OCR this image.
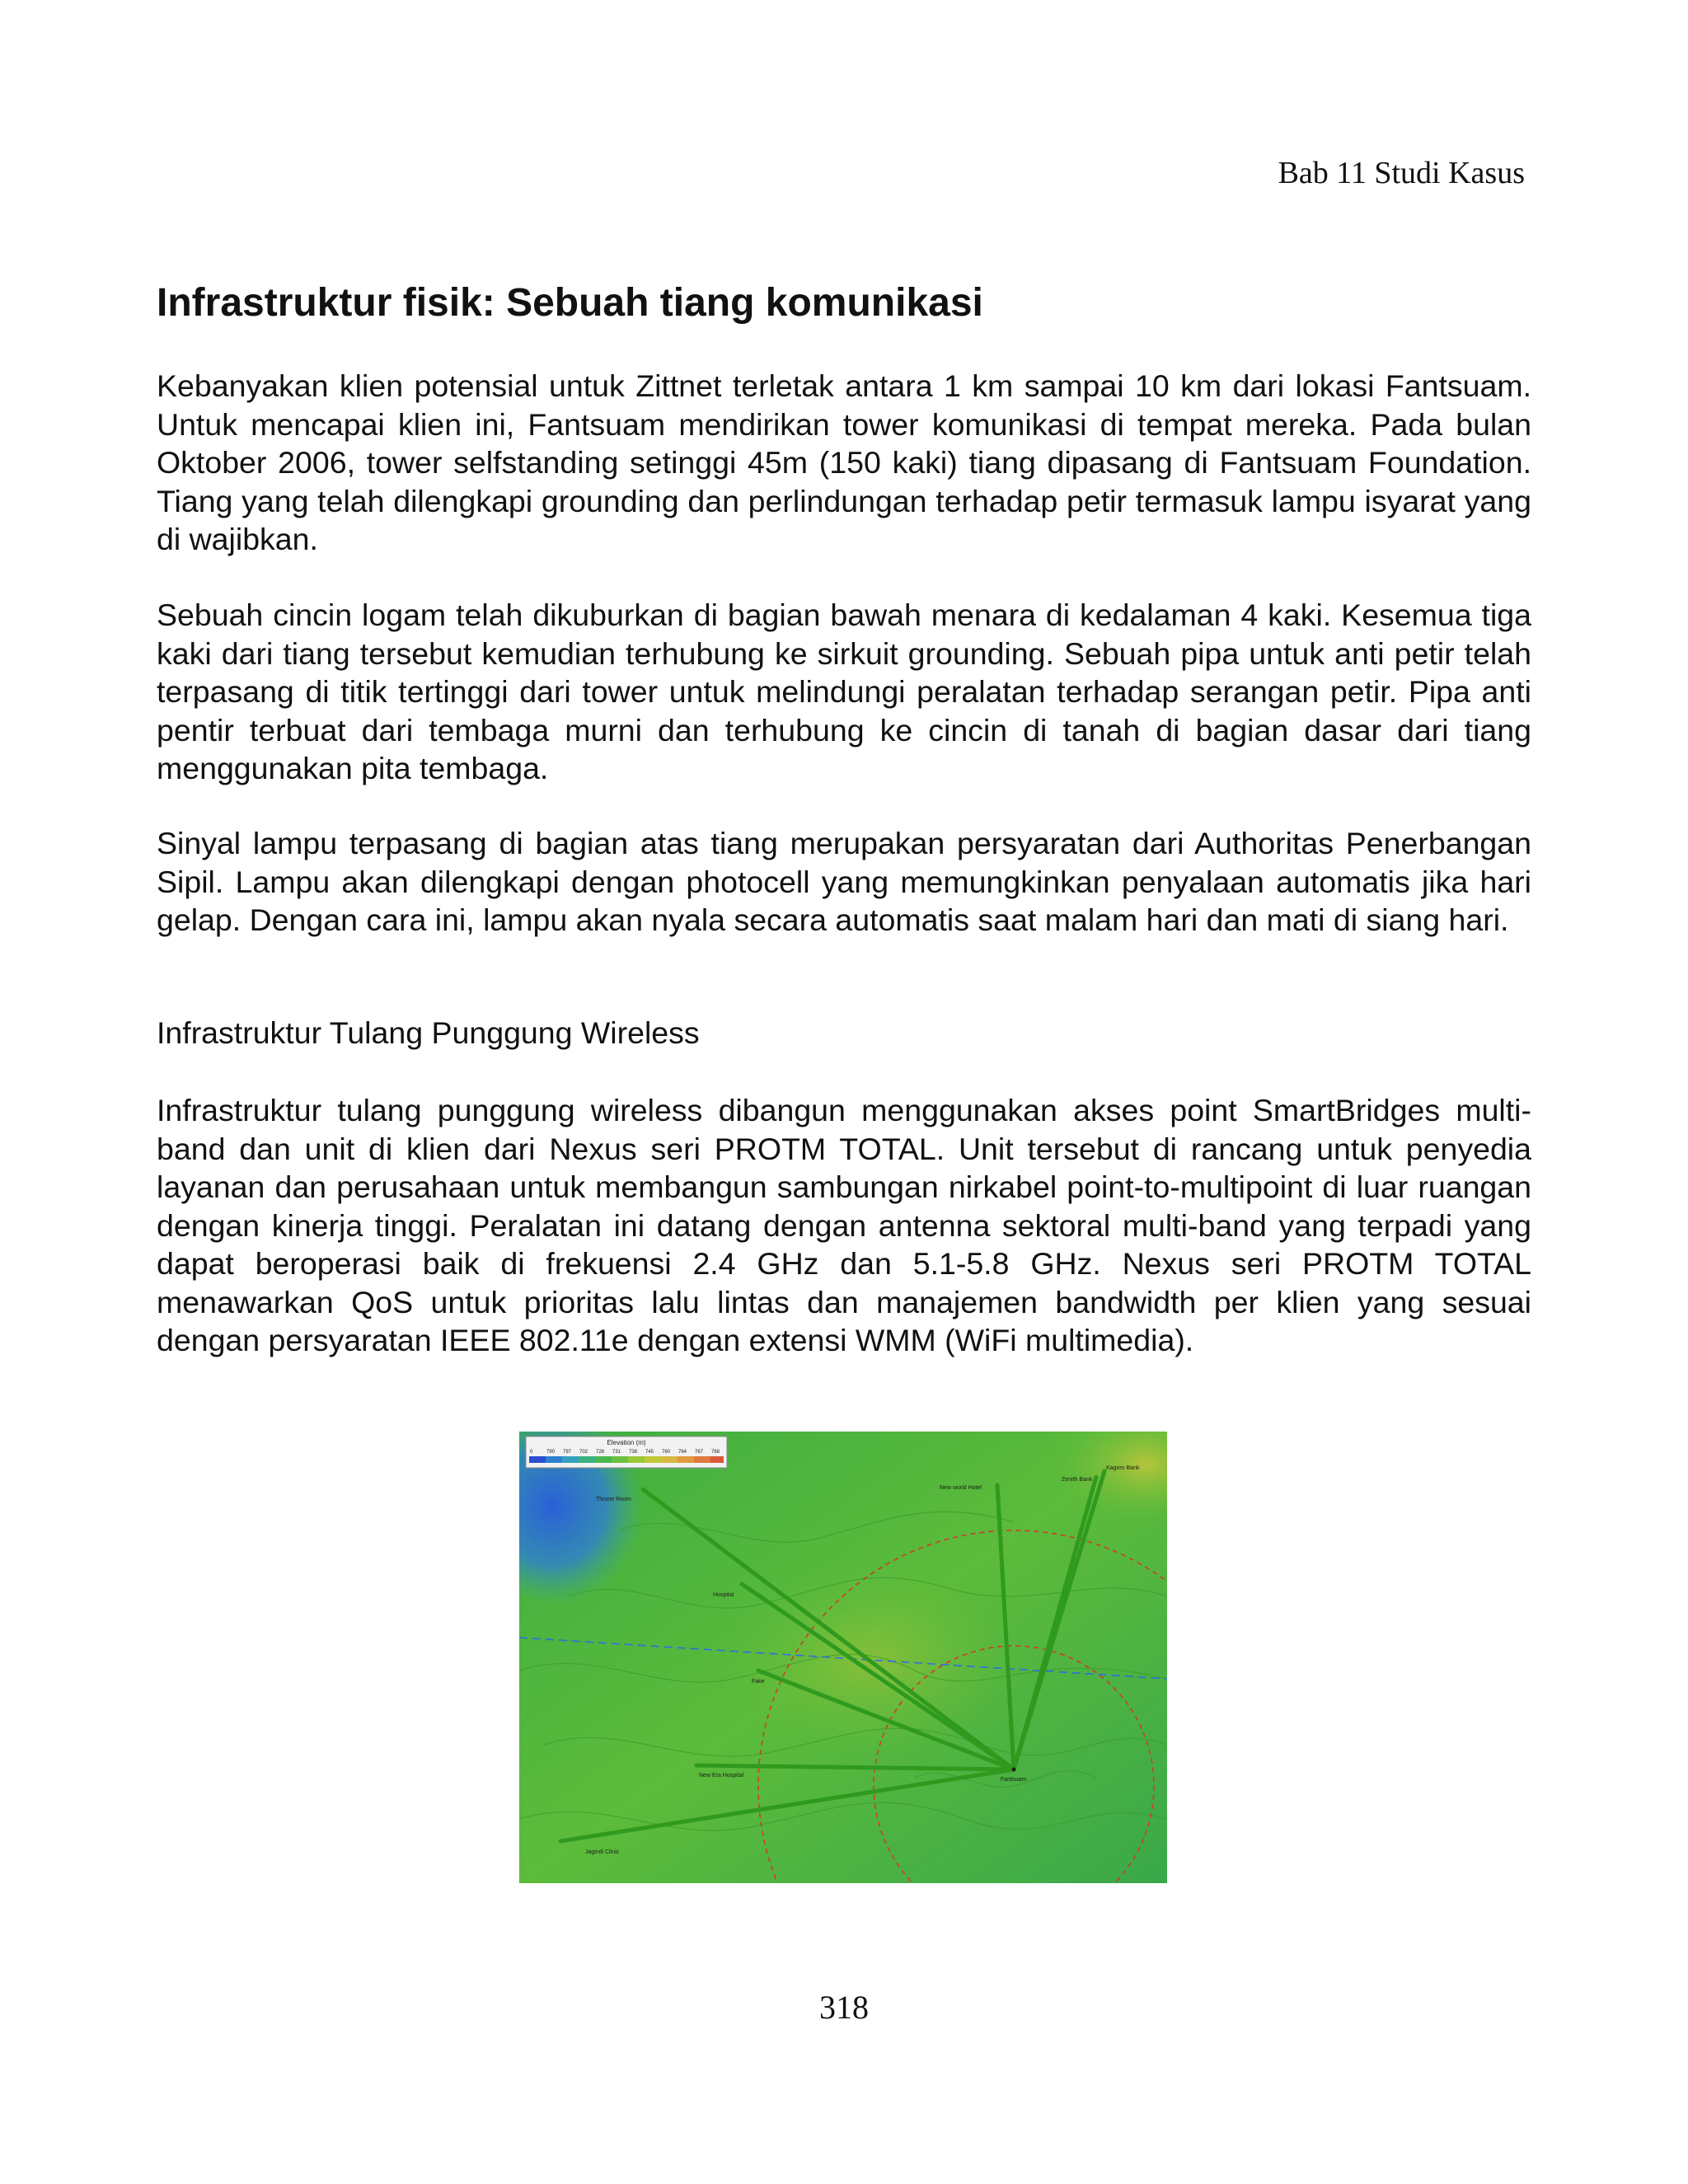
Bab 11 Studi Kasus
Infrastruktur fisik: Sebuah tiang komunikasi

Kebanyakan klien potensial untuk Zittnet terletak antara 1 km sampai 10 km dari lokasi Fantsuam. Untuk mencapai klien ini, Fantsuam mendirikan tower komunikasi di tempat mereka. Pada bulan Oktober 2006, tower selfstanding setinggi 45m (150 kaki) tiang dipasang di Fantsuam Foundation. Tiang yang telah dilengkapi grounding dan perlindungan terhadap petir termasuk lampu isyarat yang di wajibkan.

Sebuah cincin logam telah dikuburkan di bagian bawah menara di kedalaman 4 kaki. Kesemua tiga kaki dari tiang tersebut kemudian terhubung ke sirkuit grounding. Sebuah pipa untuk anti petir telah terpasang di titik tertinggi dari tower untuk melindungi peralatan terhadap serangan petir. Pipa anti pentir terbuat dari tembaga murni dan terhubung ke cincin di tanah di bagian dasar dari tiang menggunakan pita tembaga.

Sinyal lampu terpasang di bagian atas tiang merupakan persyaratan dari Authoritas Penerbangan Sipil. Lampu akan dilengkapi dengan photocell yang memungkinkan penyalaan automatis jika hari gelap. Dengan cara ini, lampu akan nyala secara automatis saat malam hari dan mati di siang hari.

Infrastruktur Tulang Punggung Wireless

Infrastruktur tulang punggung wireless dibangun menggunakan akses point SmartBridges multi-band dan unit di klien dari Nexus seri PROTM TOTAL. Unit tersebut di rancang untuk penyedia layanan dan perusahaan untuk membangun sambungan nirkabel point-to-multipoint di luar ruangan dengan kinerja tinggi. Peralatan ini datang dengan antenna sektoral multi-band yang terpadi yang dapat beroperasi baik di frekuensi 2.4 GHz dan 5.1-5.8 GHz. Nexus seri PROTM TOTAL menawarkan QoS untuk prioritas lalu lintas dan manajemen bandwidth per klien yang sesuai dengan persyaratan IEEE 802.11e dengan extensi WMM (WiFi multimedia).

Elevation (m)
0	790 797 702 728 731 738 745 760 764 767 768
Fantsuam
Throne Room
Hospital
Fake
New Era Hospital
Jagindi Clinic
New world Hotel
Zenith Bank
Kagoro Bank
318
